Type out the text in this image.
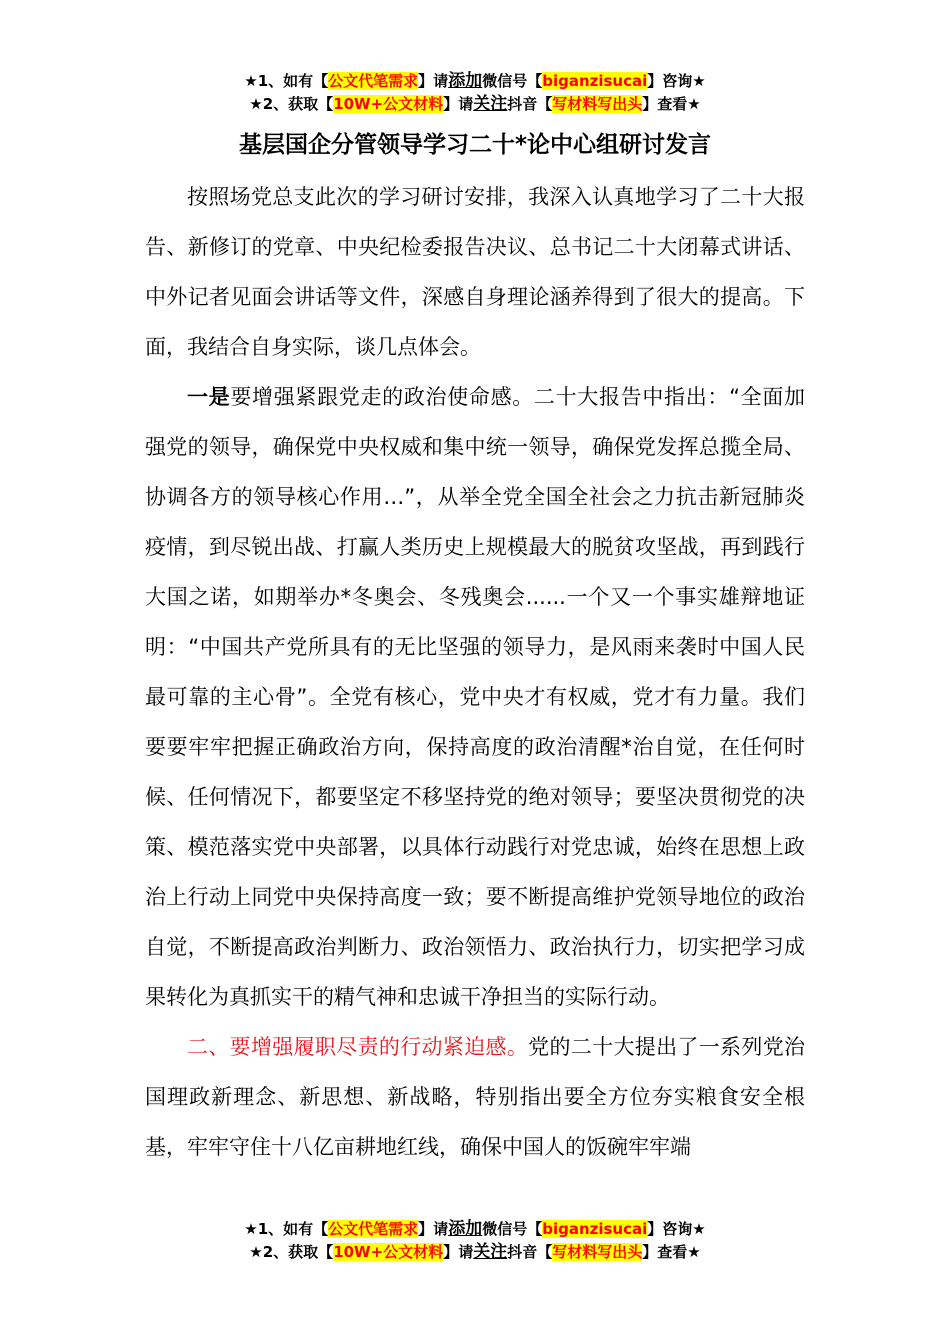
★1、如有【公文代笔需求】请添加微信号【biganzisucai】咨询★
★2、获取【10W+公文材料】请关注抖音【写材料写出头】查看★
基层国企分管领导学习二十*论中心组研讨发言

按照场党总支此次的学习研讨安排，我深入认真地学习了二十大报告、新修订的党章、中央纪检委报告决议、总书记二十大闭幕式讲话、中外记者见面会讲话等文件，深感自身理论涵养得到了很大的提高。下面，我结合自身实际，谈几点体会。

一是要增强紧跟党走的政治使命感。二十大报告中指出：“全面加强党的领导，确保党中央权威和集中统一领导，确保党发挥总揽全局、协调各方的领导核心作用…”，从举全党全国全社会之力抗击新冠肺炎疫情，到尽锐出战、打赢人类历史上规模最大的脱贫攻坚战，再到践行大国之诺，如期举办*冬奥会、冬残奥会......一个又一个事实雄辩地证明：“中国共产党所具有的无比坚强的领导力，是风雨来袭时中国人民最可靠的主心骨”。全党有核心，党中央才有权威，党才有力量。我们要要牢牢把握正确政治方向，保持高度的政治清醒*治自觉，在任何时候、任何情况下，都要坚定不移坚持党的绝对领导；要坚决贯彻党的决策、模范落实党中央部署，以具体行动践行对党忠诚，始终在思想上政治上行动上同党中央保持高度一致；要不断提高维护党领导地位的政治自觉，不断提高政治判断力、政治领悟力、政治执行力，切实把学习成果转化为真抓实干的精气神和忠诚干净担当的实际行动。

二、要增强履职尽责的行动紧迫感。党的二十大提出了一系列党治国理政新理念、新思想、新战略，特别指出要全方位夯实粮食安全根基，牢牢守住十八亿亩耕地红线，确保中国人的饭碗牢牢端

★1、如有【公文代笔需求】请添加微信号【biganzisucai】咨询★
★2、获取【10W+公文材料】请关注抖音【写材料写出头】查看★
